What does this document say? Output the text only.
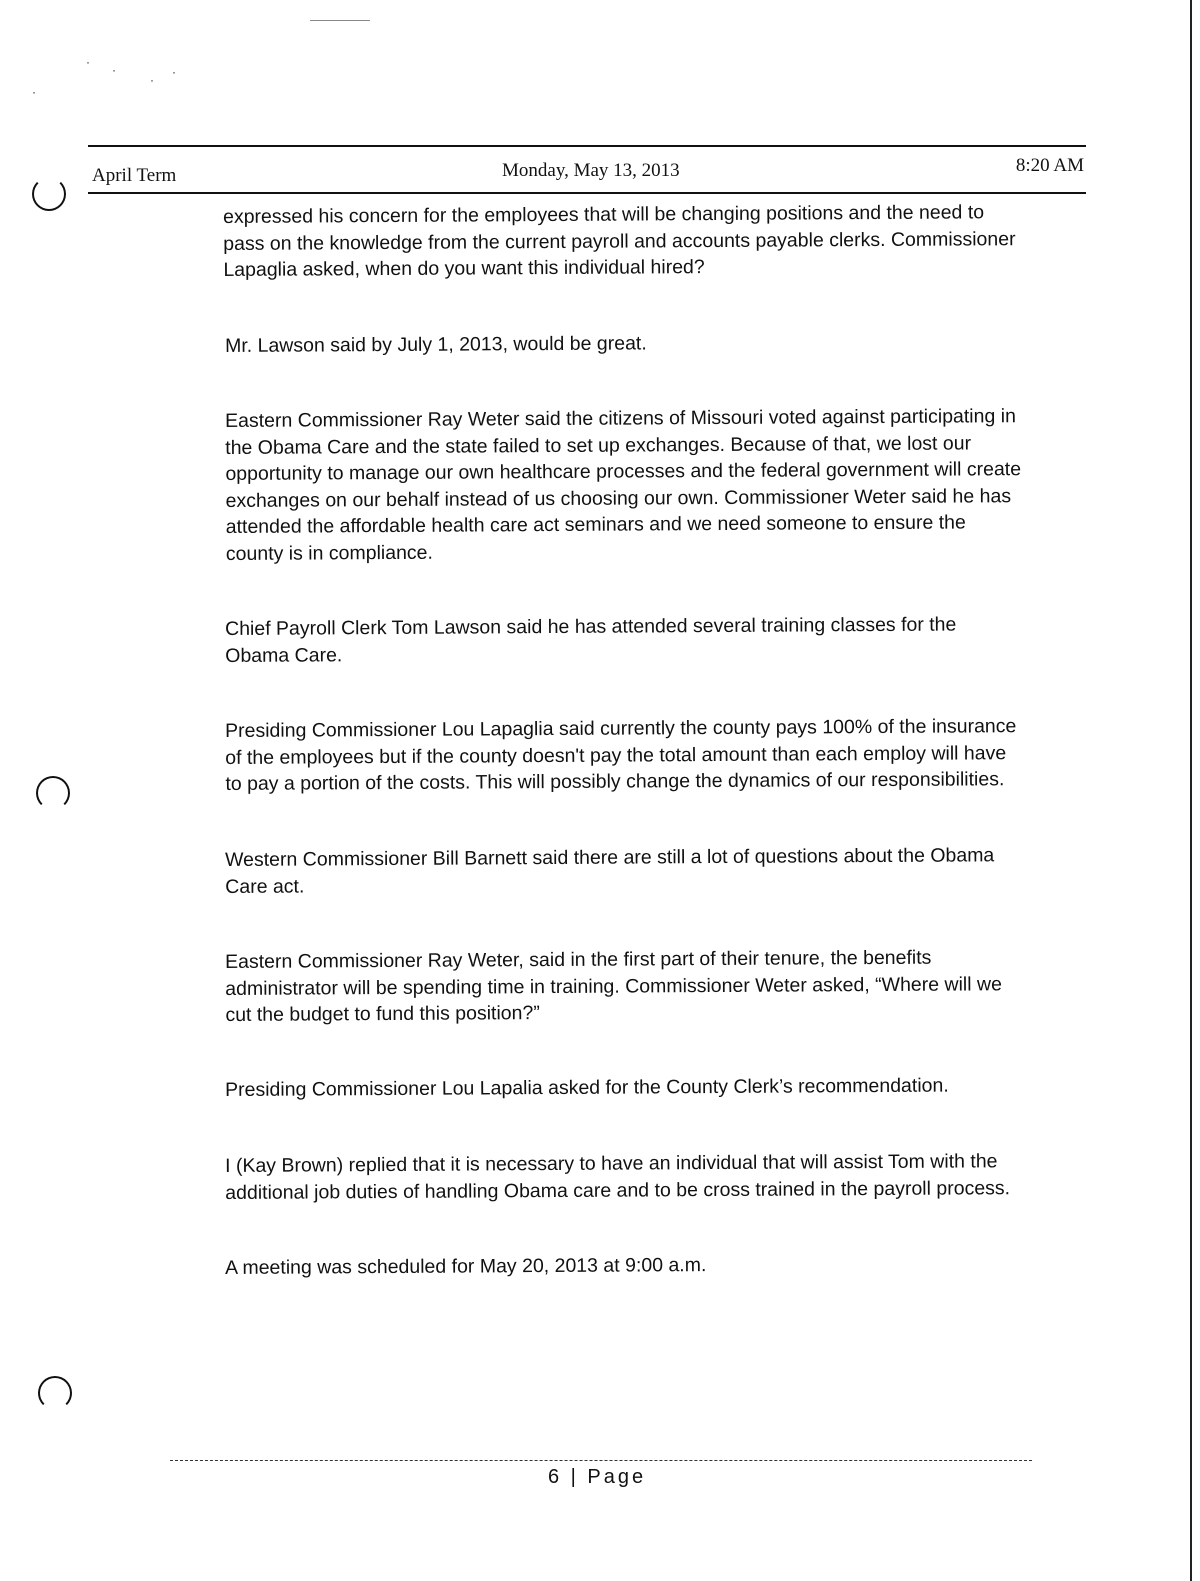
·
·
·
·
·
April Term	Monday, May 13, 2013	8:20 AM

expressed his concern for the employees that will be changing positions and the need to pass on the knowledge from the current payroll and accounts payable clerks. Commissioner Lapaglia asked, when do you want this individual hired?

Mr. Lawson said by July 1, 2013, would be great.

Eastern Commissioner Ray Weter said the citizens of Missouri voted against participating in the Obama Care and the state failed to set up exchanges. Because of that, we lost our opportunity to manage our own healthcare processes and the federal government will create exchanges on our behalf instead of us choosing our own. Commissioner Weter said he has attended the affordable health care act seminars and we need someone to ensure the county is in compliance.

Chief Payroll Clerk Tom Lawson said he has attended several training classes for the Obama Care.

Presiding Commissioner Lou Lapaglia said currently the county pays 100% of the insurance of the employees but if the county doesn't pay the total amount than each employ will have to pay a portion of the costs. This will possibly change the dynamics of our responsibilities.

Western Commissioner Bill Barnett said there are still a lot of questions about the Obama Care act.

Eastern Commissioner Ray Weter, said in the first part of their tenure, the benefits administrator will be spending time in training. Commissioner Weter asked, “Where will we cut the budget to fund this position?”

Presiding Commissioner Lou Lapalia asked for the County Clerk’s recommendation.

I (Kay Brown) replied that it is necessary to have an individual that will assist Tom with the additional job duties of handling Obama care and to be cross trained in the payroll process.

A meeting was scheduled for May 20, 2013 at 9:00 a.m.

6 | Page
